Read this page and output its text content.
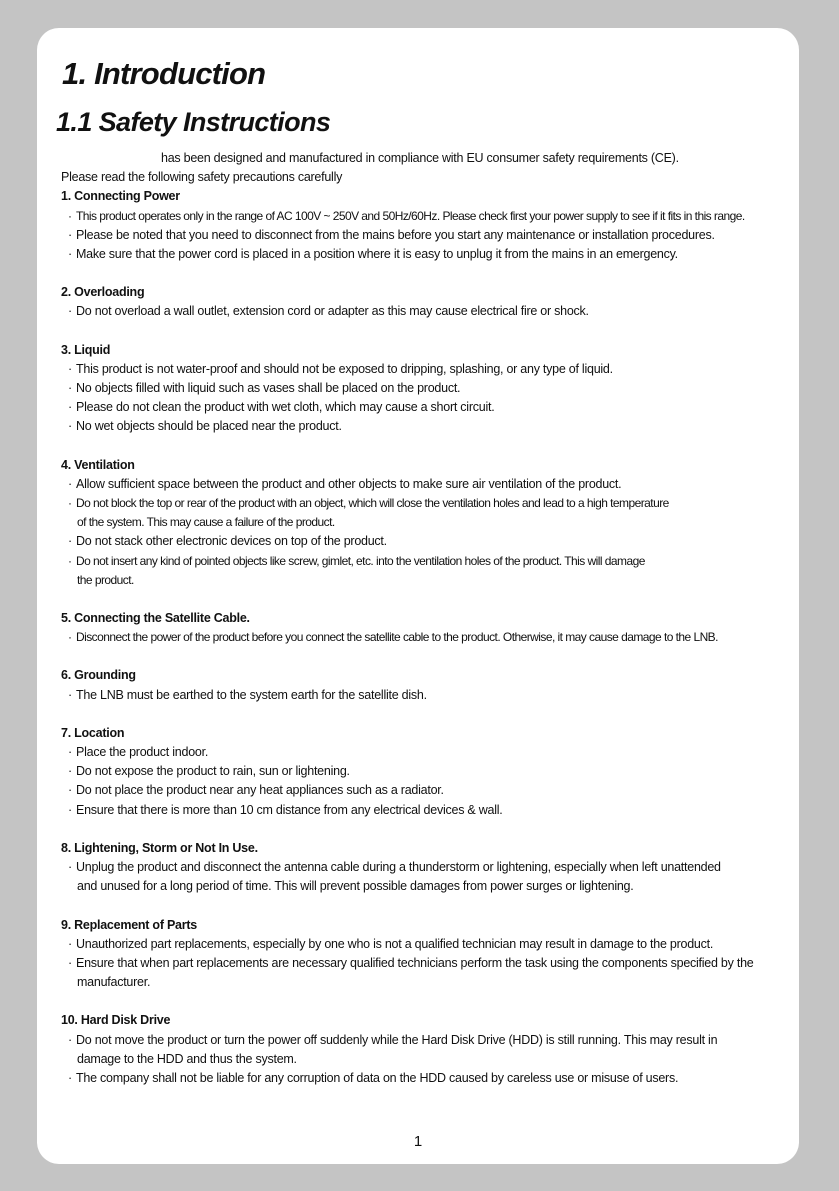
1. Introduction
1.1 Safety Instructions
has been designed and manufactured in compliance with EU consumer safety requirements (CE).
Please read the following safety precautions carefully
1. Connecting Power
· This product operates only in the range of AC 100V ~ 250V and 50Hz/60Hz. Please check first your power supply to see if it fits in this range.
· Please be noted that you need to disconnect from the mains before you start any maintenance or installation procedures.
· Make sure that the power cord is placed in a position where it is easy to unplug it from the mains in an emergency.
2. Overloading
· Do not overload a wall outlet, extension cord or adapter as this may cause electrical fire or shock.
3. Liquid
· This product is not water-proof and should not be exposed to dripping, splashing, or any type of liquid.
· No objects filled with liquid such as vases shall be placed on the product.
· Please do not clean the product with wet cloth, which may cause a short circuit.
· No wet objects should be placed near the product.
4. Ventilation
· Allow sufficient space between the product and other objects to make sure air ventilation of the product.
· Do not block the top or rear of the product with an object, which will close the ventilation holes and lead to a high temperature
of the system. This may cause a failure of the product.
· Do not stack other electronic devices on top of the product.
· Do not insert any kind of pointed objects like screw, gimlet, etc. into the ventilation holes of the product. This will damage
the product.
5. Connecting the Satellite Cable.
· Disconnect the power of the product before you connect the satellite cable to the product. Otherwise, it may cause damage to the LNB.
6. Grounding
· The LNB must be earthed to the system earth for the satellite dish.
7. Location
· Place the product indoor.
· Do not expose the product to rain, sun or lightening.
· Do not place the product near any heat appliances such as a radiator.
· Ensure that there is more than 10 cm distance from any electrical devices & wall.
8. Lightening, Storm or Not In Use.
· Unplug the product and disconnect the antenna cable during a thunderstorm or lightening, especially when left unattended
and unused for a long period of time. This will prevent possible damages from power surges or lightening.
9. Replacement of Parts
· Unauthorized part replacements, especially by one who is not a qualified technician may result in damage to the product.
· Ensure that when part replacements are necessary qualified technicians perform the task using the components specified by the
manufacturer.
10. Hard Disk Drive
· Do not move the product or turn the power off suddenly while the Hard Disk Drive (HDD) is still running. This may result in
damage to the HDD and thus the system.
· The company shall not be liable for any corruption of data on the HDD caused by careless use or misuse of users.
1
